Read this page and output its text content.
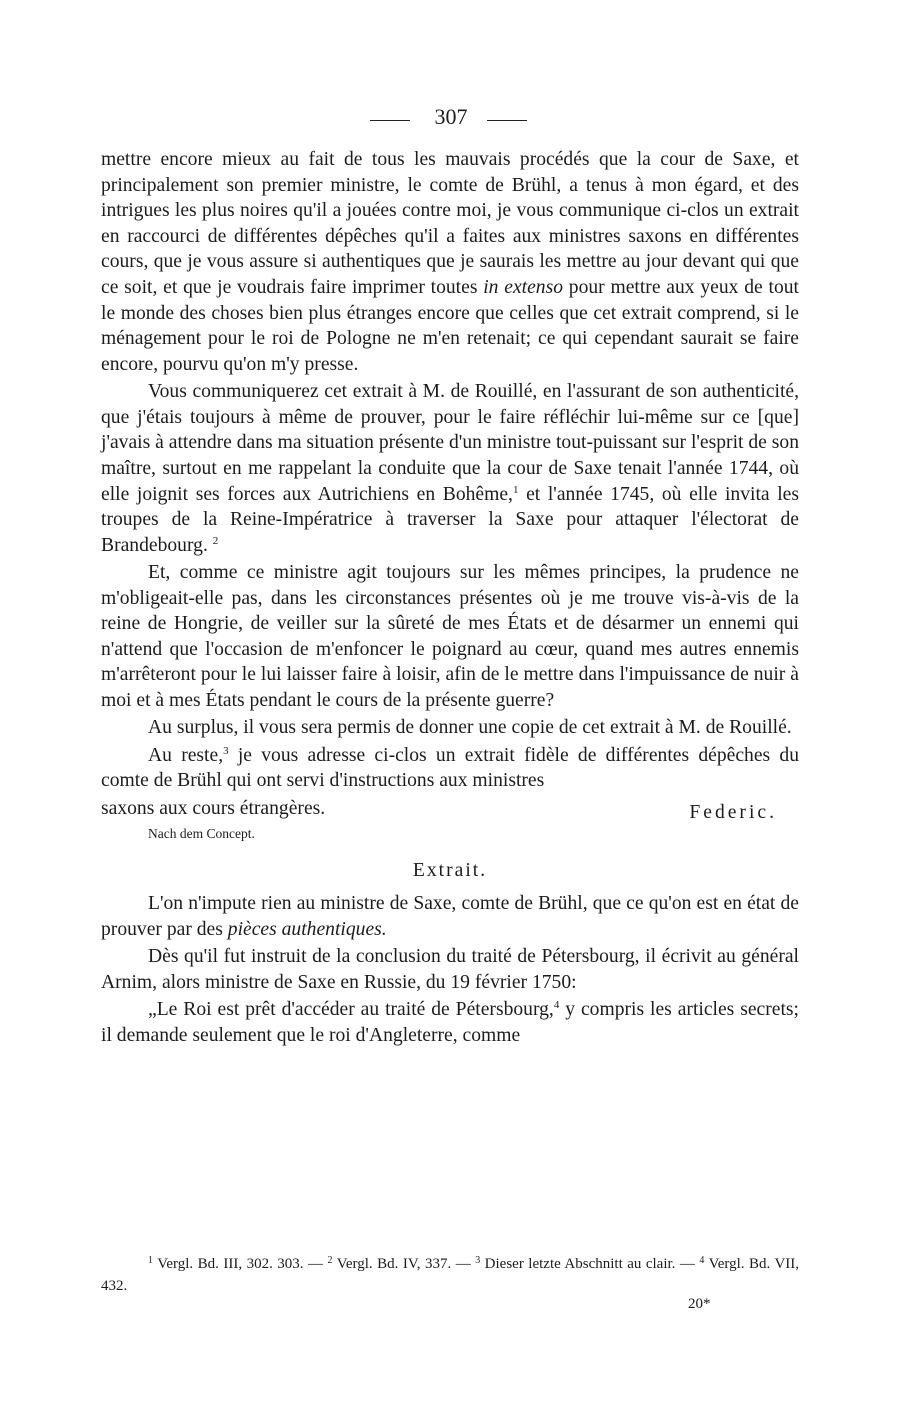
307

mettre encore mieux au fait de tous les mauvais procédés que la cour de Saxe, et principalement son premier ministre, le comte de Brühl, a tenus à mon égard, et des intrigues les plus noires qu'il a jouées contre moi, je vous communique ci-clos un extrait en raccourci de différentes dépêches qu'il a faites aux ministres saxons en différentes cours, que je vous assure si authentiques que je saurais les mettre au jour devant qui que ce soit, et que je voudrais faire imprimer toutes in extenso pour mettre aux yeux de tout le monde des choses bien plus étranges encore que celles que cet extrait comprend, si le ménagement pour le roi de Pologne ne m'en retenait; ce qui cependant saurait se faire encore, pourvu qu'on m'y presse.

Vous communiquerez cet extrait à M. de Rouillé, en l'assurant de son authenticité, que j'étais toujours à même de prouver, pour le faire réfléchir lui-même sur ce [que] j'avais à attendre dans ma situation présente d'un ministre tout-puissant sur l'esprit de son maître, surtout en me rappelant la conduite que la cour de Saxe tenait l'année 1744, où elle joignit ses forces aux Autrichiens en Bohême,$^1$ et l'année 1745, où elle invita les troupes de la Reine-Impératrice à traverser la Saxe pour attaquer l'électorat de Brandebourg. $^2$

Et, comme ce ministre agit toujours sur les mêmes principes, la prudence ne m'obligeait-elle pas, dans les circonstances présentes où je me trouve vis-à-vis de la reine de Hongrie, de veiller sur la sûreté de mes États et de désarmer un ennemi qui n'attend que l'occasion de m'enfoncer le poignard au cœur, quand mes autres ennemis m'arrêteront pour le lui laisser faire à loisir, afin de le mettre dans l'impuissance de nuir à moi et à mes États pendant le cours de la présente guerre?

Au surplus, il vous sera permis de donner une copie de cet extrait à M. de Rouillé.

Au reste,$^3$ je vous adresse ci-clos un extrait fidèle de différentes dépêches du comte de Brühl qui ont servi d'instructions aux ministres

saxons aux cours étrangères.	Federic.
Nach dem Concept.
Extrait.

L'on n'impute rien au ministre de Saxe, comte de Brühl, que ce qu'on est en état de prouver par des pièces authentiques.

Dès qu'il fut instruit de la conclusion du traité de Pétersbourg, il écrivit au général Arnim, alors ministre de Saxe en Russie, du 19 février 1750:

„Le Roi est prêt d'accéder au traité de Pétersbourg,$^4$ y compris les articles secrets; il demande seulement que le roi d'Angleterre, comme

$^1$ Vergl. Bd. III, 302. 303. — $^2$ Vergl. Bd. IV, 337. — $^3$ Dieser letzte Abschnitt au clair. — $^4$ Vergl. Bd. VII, 432.
20*
